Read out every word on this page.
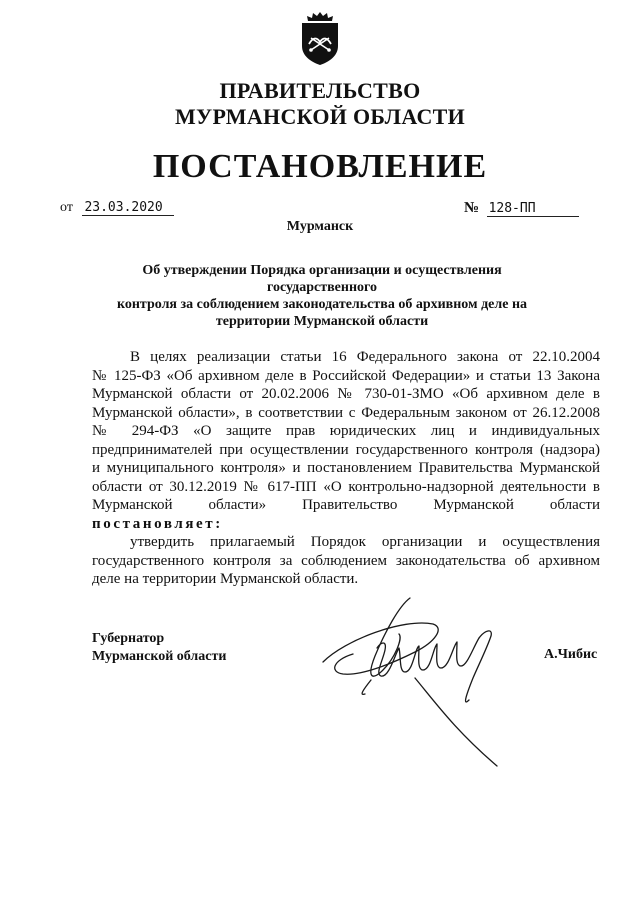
ПРАВИТЕЛЬСТВО
МУРМАНСКОЙ ОБЛАСТИ
ПОСТАНОВЛЕНИЕ
от 23.03.2020	№ 128-ПП
Мурманск
Об утверждении Порядка организации и осуществления государственного
контроля за соблюдением законодательства об архивном деле на
территории Мурманской области
В целях реализации статьи 16 Федерального закона от 22.10.2004
№ 125-ФЗ «Об архивном деле в Российской Федерации» и статьи 13 Закона
Мурманской области от 20.02.2006 № 730-01-ЗМО «Об архивном деле в
Мурманской области», в соответствии с Федеральным законом от 26.12.2008
№ 294-ФЗ «О защите прав юридических лиц и индивидуальных
предпринимателей при осуществлении государственного контроля (надзора)
и муниципального контроля» и постановлением Правительства Мурманской
области от 30.12.2019 № 617-ПП «О контрольно-надзорной деятельности в
Мурманской области» Правительство Мурманской области
постановляет:
утвердить прилагаемый Порядок организации и осуществления
государственного контроля за соблюдением законодательства об архивном
деле на территории Мурманской области.
Губернатор
Мурманской области	А.Чибис
